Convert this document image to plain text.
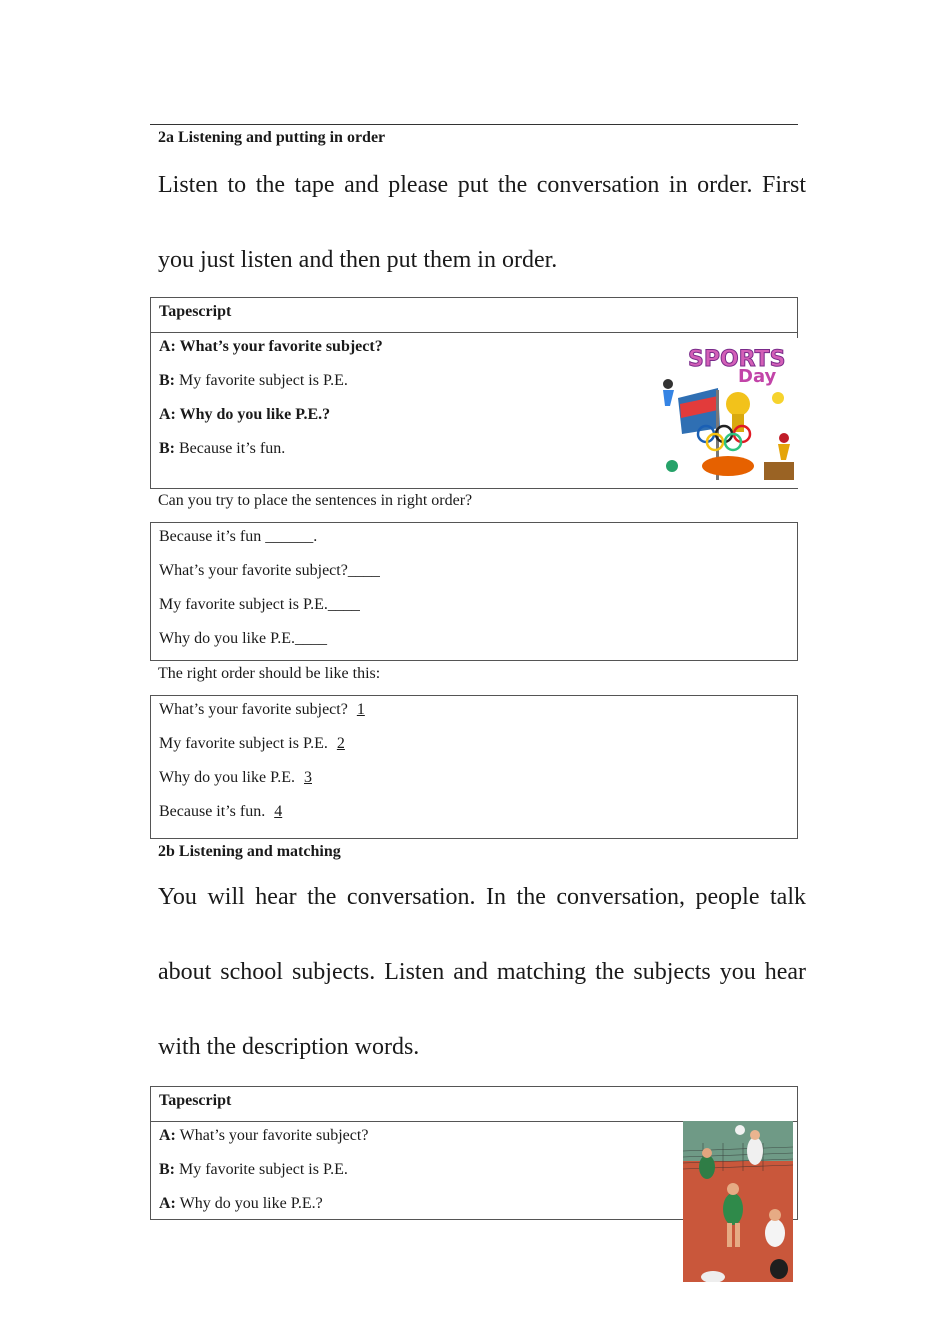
2a Listening and putting in order

Listen to the tape and please put the conversation in order. First you just listen and then put them in order.

Tapescript
A: What’s your favorite subject?
B: My favorite subject is P.E.
A: Why do you like P.E.?
B: Because it’s fun.
SPORTS
Day
Can you try to place the sentences in right order?
Because it’s fun ______.
What’s your favorite subject?____
My favorite subject is P.E.____
Why do you like P.E.____
The right order should be like this:
What’s your favorite subject? 1
My favorite subject is P.E. 2
Why do you like P.E. 3
Because it’s fun. 4
2b Listening and matching

You will hear the conversation. In the conversation, people talk about school subjects. Listen and matching the subjects you hear with the description words.

Tapescript
A: What’s your favorite subject?
B: My favorite subject is P.E.
A: Why do you like P.E.?
